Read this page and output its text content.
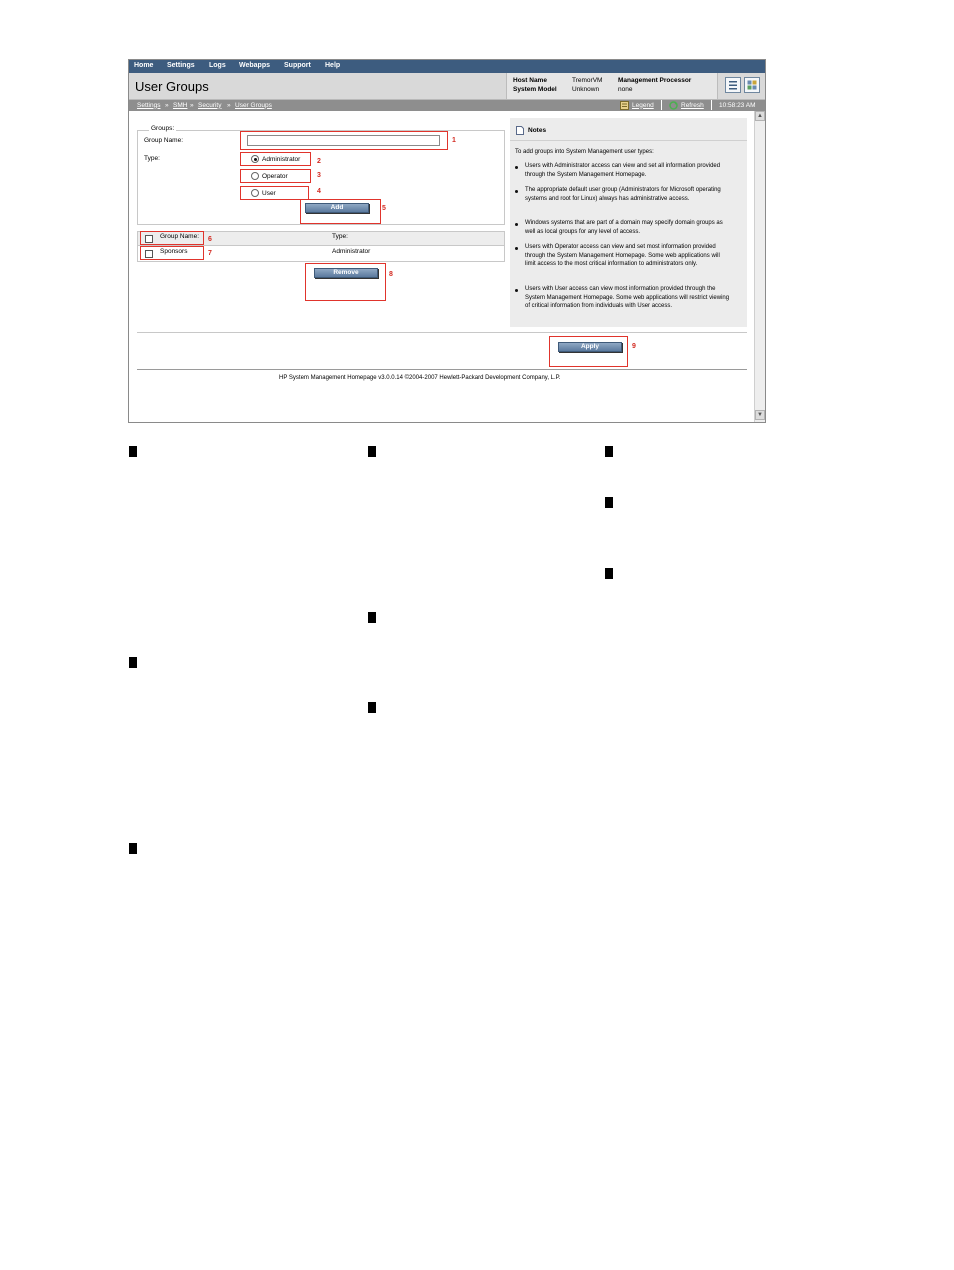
Home Settings Logs Webapps Support Help
User Groups	Host Name	TremorVM
System Model Unknown
Management Processor
none
Settings » SMH » Security » User Groups	Legend	Refresh 10:58:23 AM
▲
▼
Groups:
Group Name:	1
Type:	Administrator 2
Operator	3
User	4
Add	5
Group Name:	Type:
6
Sponsors	Administrator
7
Remove	8
Notes

To add groups into System Management user types:

Users with Administrator access can view and set all information provided through the System Management Homepage.

The appropriate default user group (Administrators for Microsoft operating systems and root for Linux) always has administrative access.

Windows systems that are part of a domain may specify domain groups as well as local groups for any level of access.

Users with Operator access can view and set most information provided through the System Management Homepage. Some web applications will limit access to the most critical information to administrators only.

Users with User access can view most information provided through the System Management Homepage. Some web applications will restrict viewing of critical information from individuals with User access.

Apply	9
HP System Management Homepage v3.0.0.14 ©2004-2007 Hewlett-Packard Development Company, L.P.
